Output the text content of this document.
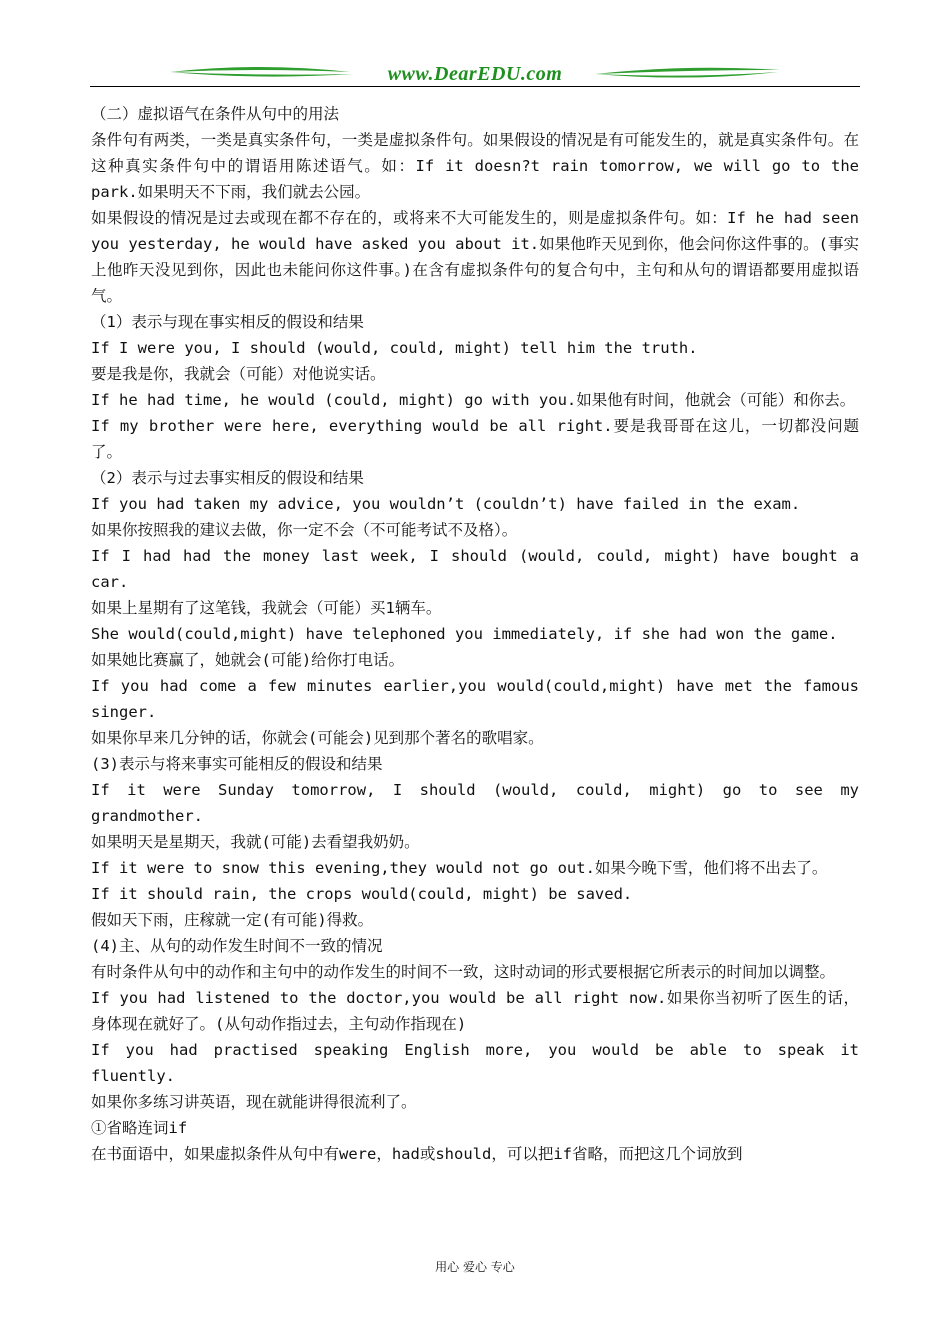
www.DearEDU.com

（二）虚拟语气在条件从句中的用法

条件句有两类，一类是真实条件句，一类是虚拟条件句。如果假设的情况是有可能发生的，就是真实条件句。在这种真实条件句中的谓语用陈述语气。如：If it doesn?t rain tomorrow, we will go to the park.如果明天不下雨，我们就去公园。

如果假设的情况是过去或现在都不存在的，或将来不大可能发生的，则是虚拟条件句。如：If he had seen you yesterday, he would have asked you about it.如果他昨天见到你，他会问你这件事的。(事实上他昨天没见到你，因此也未能问你这件事。)在含有虚拟条件句的复合句中，主句和从句的谓语都要用虚拟语气。

（1）表示与现在事实相反的假设和结果

If I were you, I should (would, could, might) tell him the truth.

要是我是你，我就会（可能）对他说实话。

If he had time, he would (could, might) go with you.如果他有时间，他就会（可能）和你去。

If my brother were here, everything would be all right.要是我哥哥在这儿，一切都没问题了。

（2）表示与过去事实相反的假设和结果

If you had taken my advice, you wouldn’t (couldn’t) have failed in the exam.

如果你按照我的建议去做，你一定不会（不可能考试不及格）。

If I had had the money last week, I should (would, could, might) have bought a car.

如果上星期有了这笔钱，我就会（可能）买1辆车。

She would(could,might) have telephoned you immediately, if she had won the game.

如果她比赛赢了，她就会(可能)给你打电话。

If you had come a few minutes earlier,you would(could,might) have met the famous singer.

如果你早来几分钟的话，你就会(可能会)见到那个著名的歌唱家。

(3)表示与将来事实可能相反的假设和结果

If it were Sunday tomorrow, I should (would, could, might) go to see my grandmother.

如果明天是星期天，我就(可能)去看望我奶奶。

If it were to snow this evening,they would not go out.如果今晚下雪，他们将不出去了。

If it should rain, the crops would(could, might) be saved.

假如天下雨，庄稼就一定(有可能)得救。

(4)主、从句的动作发生时间不一致的情况

有时条件从句中的动作和主句中的动作发生的时间不一致，这时动词的形式要根据它所表示的时间加以调整。

If you had listened to the doctor,you would be all right now.如果你当初听了医生的话，身体现在就好了。(从句动作指过去，主句动作指现在)

If you had practised speaking English more, you would be able to speak it fluently.

如果你多练习讲英语，现在就能讲得很流利了。

①省略连词if

在书面语中，如果虚拟条件从句中有were，had或should，可以把if省略，而把这几个词放到

用心 爱心 专心
